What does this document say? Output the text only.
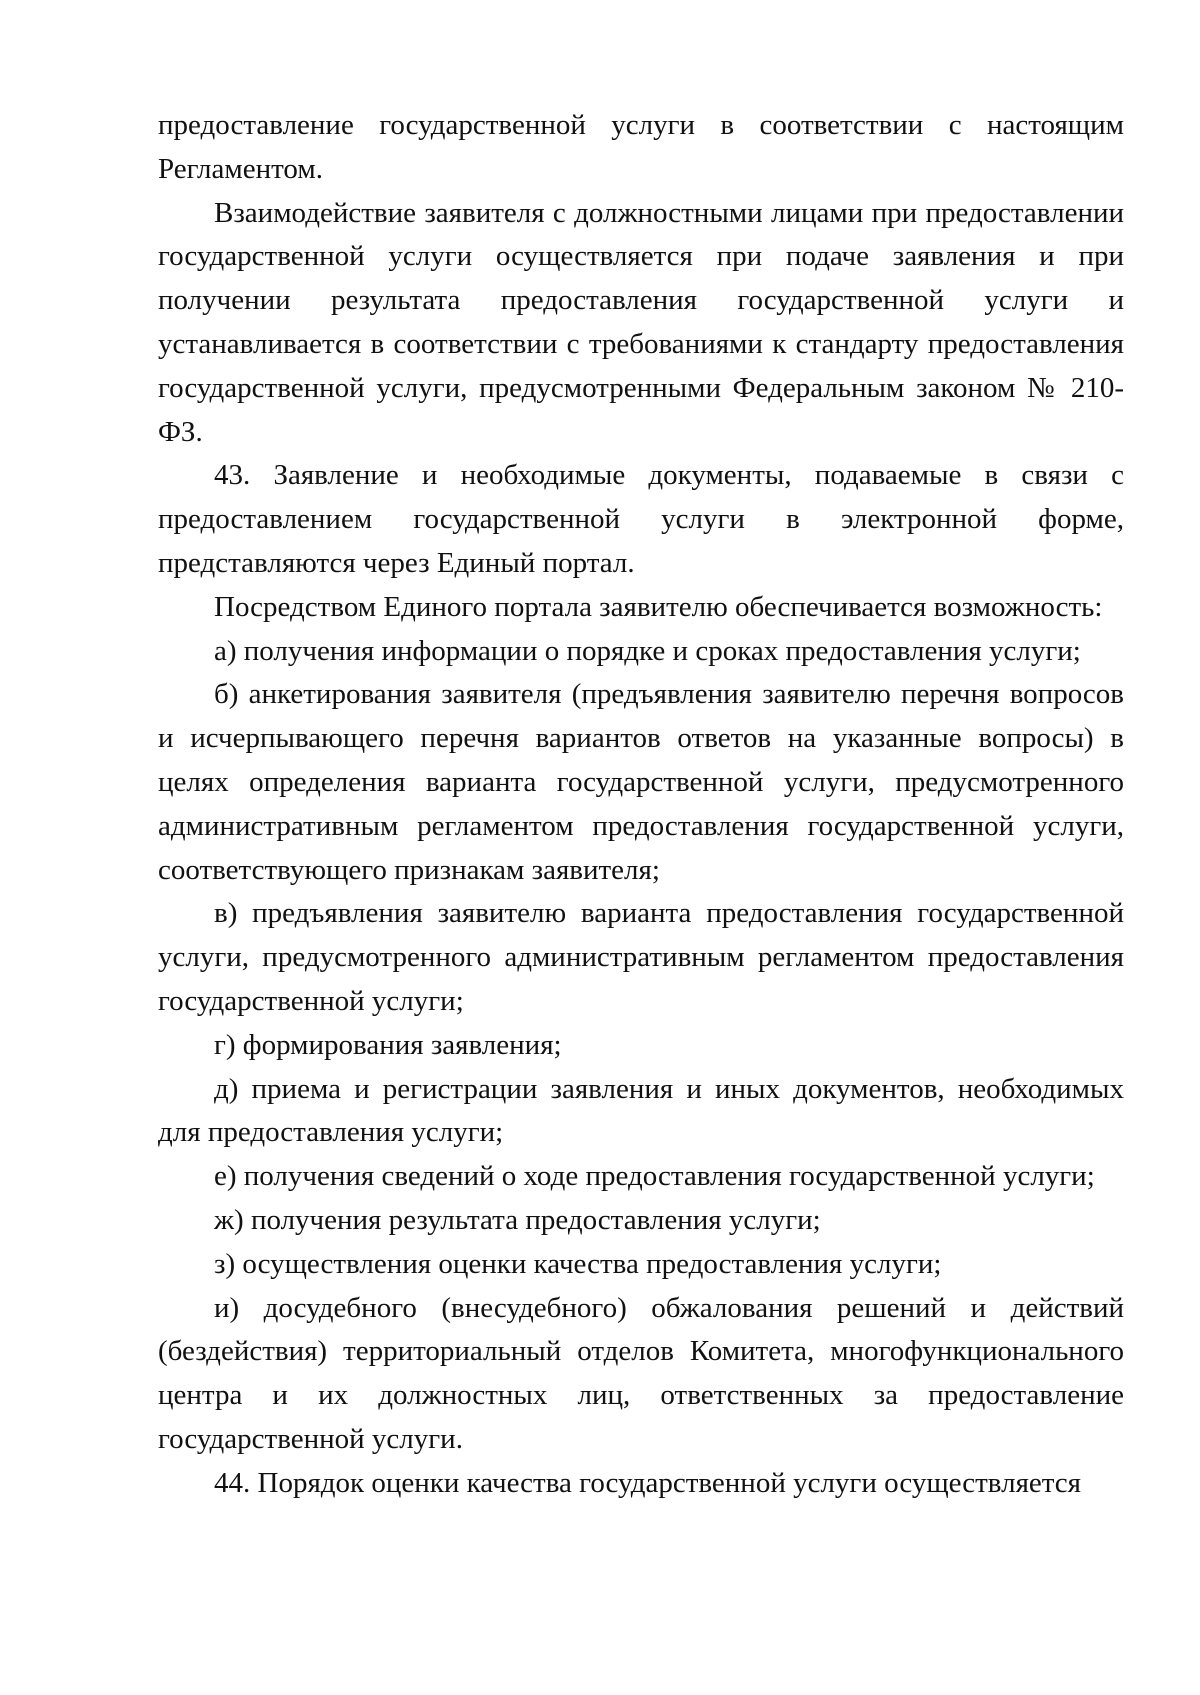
предоставление государственной услуги в соответствии с настоящим Регламентом.

Взаимодействие заявителя с должностными лицами при предоставлении государственной услуги осуществляется при подаче заявления и при получении результата предоставления государственной услуги и устанавливается в соответствии с требованиями к стандарту предоставления государственной услуги, предусмотренными Федеральным законом № 210-ФЗ.

43. Заявление и необходимые документы, подаваемые в связи с предоставлением государственной услуги в электронной форме, представляются через Единый портал.

Посредством Единого портала заявителю обеспечивается возможность:

а) получения информации о порядке и сроках предоставления услуги;

б) анкетирования заявителя (предъявления заявителю перечня вопросов и исчерпывающего перечня вариантов ответов на указанные вопросы) в целях определения варианта государственной услуги, предусмотренного административным регламентом предоставления государственной услуги, соответствующего признакам заявителя;

в) предъявления заявителю варианта предоставления государственной услуги, предусмотренного административным регламентом предоставления государственной услуги;

г) формирования заявления;

д) приема и регистрации заявления и иных документов, необходимых для предоставления услуги;

е) получения сведений о ходе предоставления государственной услуги;

ж) получения результата предоставления услуги;

з) осуществления оценки качества предоставления услуги;

и) досудебного (внесудебного) обжалования решений и действий (бездействия) территориальный отделов Комитета, многофункционального центра и их должностных лиц, ответственных за предоставление государственной услуги.

44. Порядок оценки качества государственной услуги осуществляется
